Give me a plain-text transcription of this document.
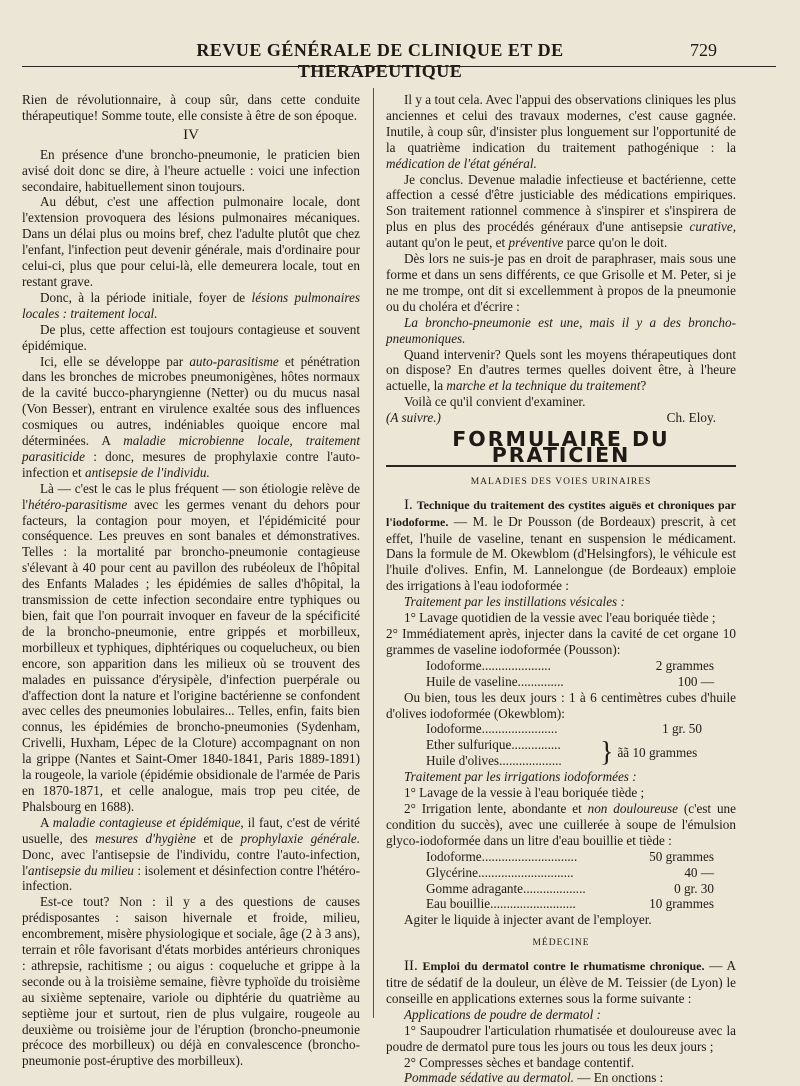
REVUE GÉNÉRALE DE CLINIQUE ET DE THERAPEUTIQUE
729

Rien de révolutionnaire, à coup sûr, dans cette conduite thérapeutique! Somme toute, elle consiste à être de son époque.

IV

En présence d'une broncho-pneumonie, le praticien bien avisé doit donc se dire, à l'heure actuelle : voici une infection secondaire, habituellement sinon toujours.

Au début, c'est une affection pulmonaire locale, dont l'extension provoquera des lésions pulmonaires mécaniques. Dans un délai plus ou moins bref, chez l'adulte plutôt que chez l'enfant, l'infection peut devenir générale, mais d'ordinaire pour celui-ci, plus que pour celui-là, elle demeurera locale, tout en restant grave.

Donc, à la période initiale, foyer de lésions pulmonaires locales : traitement local.

De plus, cette affection est toujours contagieuse et souvent épidémique.

Ici, elle se développe par auto-parasitisme et pénétration dans les bronches de microbes pneumonigènes, hôtes normaux de la cavité bucco-pharyngienne (Netter) ou du mucus nasal (Von Besser), entrant en virulence exaltée sous des influences cosmiques ou autres, indéniables quoique encore mal déterminées. A maladie microbienne locale, traitement parasiticide : donc, mesures de prophylaxie contre l'auto-infection et antisepsie de l'individu.

Là — c'est le cas le plus fréquent — son étiologie relève de l'hétéro-parasitisme avec les germes venant du dehors pour facteurs, la contagion pour moyen, et l'épidémicité pour conséquence. Les preuves en sont banales et démonstratives. Telles : la mortalité par broncho-pneumonie contagieuse s'élevant à 40 pour cent au pavillon des rubéoleux de l'hôpital des Enfants Malades ; les épidémies de salles d'hôpital, la transmission de cette infection secondaire entre typhiques ou bien, fait que l'on pourrait invoquer en faveur de la spécificité de la broncho-pneumonie, entre grippés et morbilleux, morbilleux et typhiques, diphtériques ou coquelucheux, ou bien encore, son apparition dans les milieux où se trouvent des malades en puissance d'érysipèle, d'infection puerpérale ou d'affection dont la nature et l'origine bactérienne se confondent avec celles des pneumonies lobulaires... Telles, enfin, faits bien connus, les épidémies de broncho-pneumonies (Sydenham, Crivelli, Huxham, Lépec de la Cloture) accompagnant on non la grippe (Nantes et Saint-Omer 1840-1841, Paris 1889-1891) la rougeole, la variole (épidémie obsidionale de l'armée de Paris en 1870-1871, et celle analogue, mais trop peu citée, de Phalsbourg en 1688).

A maladie contagieuse et épidémique, il faut, c'est de vérité usuelle, des mesures d'hygiène et de prophylaxie générale. Donc, avec l'antisepsie de l'individu, contre l'auto-infection, l'antisepsie du milieu : isolement et désinfection contre l'hétéro-infection.

Est-ce tout? Non : il y a des questions de causes prédisposantes : saison hivernale et froide, milieu, encombrement, misère physiologique et sociale, âge (2 à 3 ans), terrain et rôle favorisant d'états morbides antérieurs chroniques : athrepsie, rachitisme ; ou aigus : coqueluche et grippe à la seconde ou à la troisième semaine, fièvre typhoïde du troisième au sixième septenaire, variole ou diphtérie du quatrième au septième jour et surtout, rien de plus vulgaire, rougeole au deuxième ou troisième jour de l'éruption (broncho-pneumonie précoce des morbilleux) ou déjà en convalescence (broncho-pneumonie post-éruptive des morbilleux).

Il y a tout cela. Avec l'appui des observations cliniques les plus anciennes et celui des travaux modernes, c'est cause gagnée. Inutile, à coup sûr, d'insister plus longuement sur l'opportunité de la quatrième indication du traitement pathogénique : la médication de l'état général.

Je conclus. Devenue maladie infectieuse et bactérienne, cette affection a cessé d'être justiciable des médications empiriques. Son traitement rationnel commence à s'inspirer et s'inspirera de plus en plus des procédés généraux d'une antisepsie curative, autant qu'on le peut, et préventive parce qu'on le doit.

Dès lors ne suis-je pas en droit de paraphraser, mais sous une forme et dans un sens différents, ce que Grisolle et M. Peter, si je ne me trompe, ont dit si excellemment à propos de la pneumonie ou du choléra et d'écrire :

La broncho-pneumonie est une, mais il y a des broncho-pneumoniques.

Quand intervenir? Quels sont les moyens thérapeutiques dont on dispose? En d'autres termes quelles doivent être, à l'heure actuelle, la marche et la technique du traitement?

Voilà ce qu'il convient d'examiner.

(A suivre.)	Ch. Eloy.
FORMULAIRE DU PRATICIEN
MALADIES DES VOIES URINAIRES

I. Technique du traitement des cystites aiguës et chroniques par l'iodoforme. — M. le Dr Pousson (de Bordeaux) prescrit, à cet effet, l'huile de vaseline, tenant en suspension le médicament. Dans la formule de M. Okewblom (d'Helsingfors), le véhicule est l'huile d'olives. Enfin, M. Lannelongue (de Bordeaux) emploie des irrigations à l'eau iodoformée :

Traitement par les instillations vésicales :

1° Lavage quotidien de la vessie avec l'eau boriquée tiède ;

2° Immédiatement après, injecter dans la cavité de cet organe 10 grammes de vaseline iodoformée (Pousson):

Iodoforme.....................	2 grammes
Huile de vaseline..............	100 —

Ou bien, tous les deux jours : 1 à 6 centimètres cubes d'huile d'olives iodoformée (Okewblom):

Iodoforme.......................	1 gr. 50
Ether sulfurique...............
Huile d'olives...................	} ãã 10 grammes

Traitement par les irrigations iodoformées :

1° Lavage de la vessie à l'eau boriquée tiède ;

2° Irrigation lente, abondante et non douloureuse (c'est une condition du succès), avec une cuillerée à soupe de l'émulsion glyco-iodoformée dans un litre d'eau bouillie et tiède :

Iodoforme.............................	50 grammes
Glycérine.............................	40 —
Gomme adragante...................	0 gr. 30
Eau bouillie..........................	10 grammes

Agiter le liquide à injecter avant de l'employer.

MÉDECINE

II. Emploi du dermatol contre le rhumatisme chronique. — A titre de sédatif de la douleur, un élève de M. Teissier (de Lyon) le conseille en applications externes sous la forme suivante :

Applications de poudre de dermatol :

1° Saupoudrer l'articulation rhumatisée et douloureuse avec la poudre de dermatol pure tous les jours ou tous les deux jours ;

2° Compresses sèches et bandage contentif.

Pommade sédative au dermatol. — En onctions :
